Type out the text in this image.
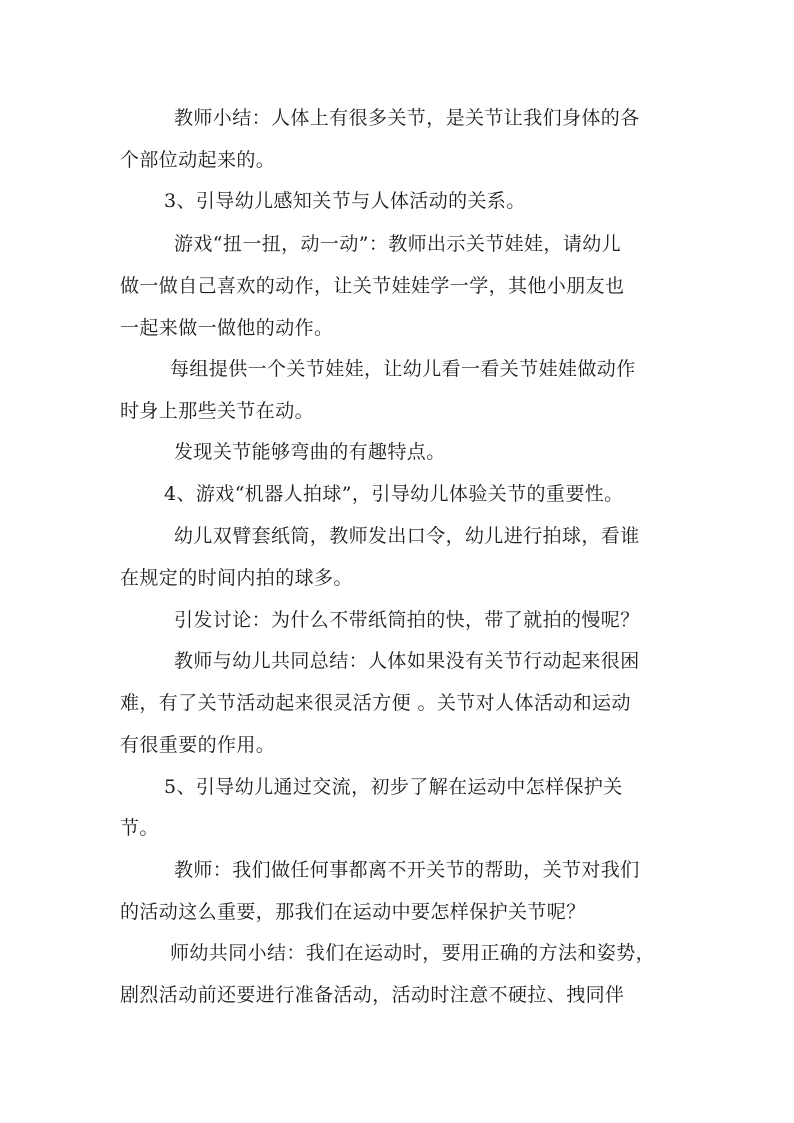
教师小结：人体上有很多关节，是关节让我们身体的各
个部位动起来的。
3、引导幼儿感知关节与人体活动的关系。
游戏“扭一扭，动一动”：教师出示关节娃娃，请幼儿
做一做自己喜欢的动作，让关节娃娃学一学，其他小朋友也
一起来做一做他的动作。
每组提供一个关节娃娃，让幼儿看一看关节娃娃做动作
时身上那些关节在动。
发现关节能够弯曲的有趣特点。
4、游戏“机器人拍球”，引导幼儿体验关节的重要性。
幼儿双臂套纸筒，教师发出口令，幼儿进行拍球，看谁
在规定的时间内拍的球多。
引发讨论：为什么不带纸筒拍的快，带了就拍的慢呢？
教师与幼儿共同总结：人体如果没有关节行动起来很困
难，有了关节活动起来很灵活方便 。关节对人体活动和运动
有很重要的作用。
5、引导幼儿通过交流，初步了解在运动中怎样保护关
节。
教师：我们做任何事都离不开关节的帮助，关节对我们
的活动这么重要，那我们在运动中要怎样保护关节呢？
师幼共同小结：我们在运动时，要用正确的方法和姿势，
剧烈活动前还要进行准备活动，活动时注意不硬拉、拽同伴
